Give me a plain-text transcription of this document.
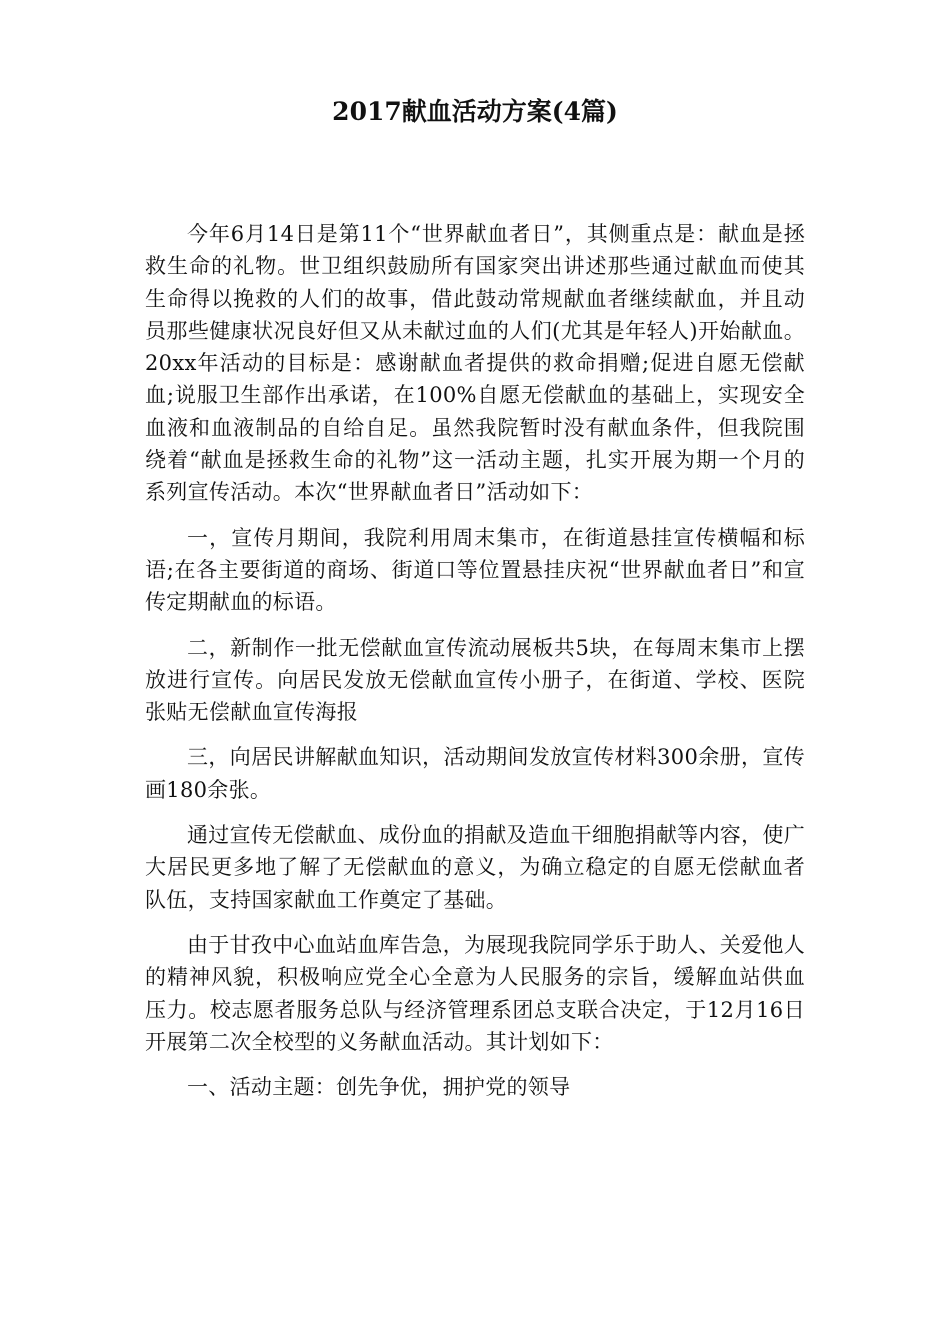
2017献血活动方案(4篇)

今年6月14日是第11个“世界献血者日”，其侧重点是：献血是拯救生命的礼物。世卫组织鼓励所有国家突出讲述那些通过献血而使其生命得以挽救的人们的故事，借此鼓动常规献血者继续献血，并且动员那些健康状况良好但又从未献过血的人们(尤其是年轻人)开始献血。20xx年活动的目标是：感谢献血者提供的救命捐赠;促进自愿无偿献血;说服卫生部作出承诺，在100%自愿无偿献血的基础上，实现安全血液和血液制品的自给自足。虽然我院暂时没有献血条件，但我院围绕着“献血是拯救生命的礼物”这一活动主题，扎实开展为期一个月的系列宣传活动。本次“世界献血者日”活动如下：

一，宣传月期间，我院利用周末集市，在街道悬挂宣传横幅和标语;在各主要街道的商场、街道口等位置悬挂庆祝“世界献血者日”和宣传定期献血的标语。

二，新制作一批无偿献血宣传流动展板共5块，在每周末集市上摆放进行宣传。向居民发放无偿献血宣传小册子，在街道、学校、医院张贴无偿献血宣传海报

三，向居民讲解献血知识，活动期间发放宣传材料300余册，宣传画180余张。

通过宣传无偿献血、成份血的捐献及造血干细胞捐献等内容，使广大居民更多地了解了无偿献血的意义，为确立稳定的自愿无偿献血者队伍，支持国家献血工作奠定了基础。

由于甘孜中心血站血库告急，为展现我院同学乐于助人、关爱他人的精神风貌，积极响应党全心全意为人民服务的宗旨，缓解血站供血压力。校志愿者服务总队与经济管理系团总支联合决定，于12月16日开展第二次全校型的义务献血活动。其计划如下：

一、活动主题：创先争优，拥护党的领导
